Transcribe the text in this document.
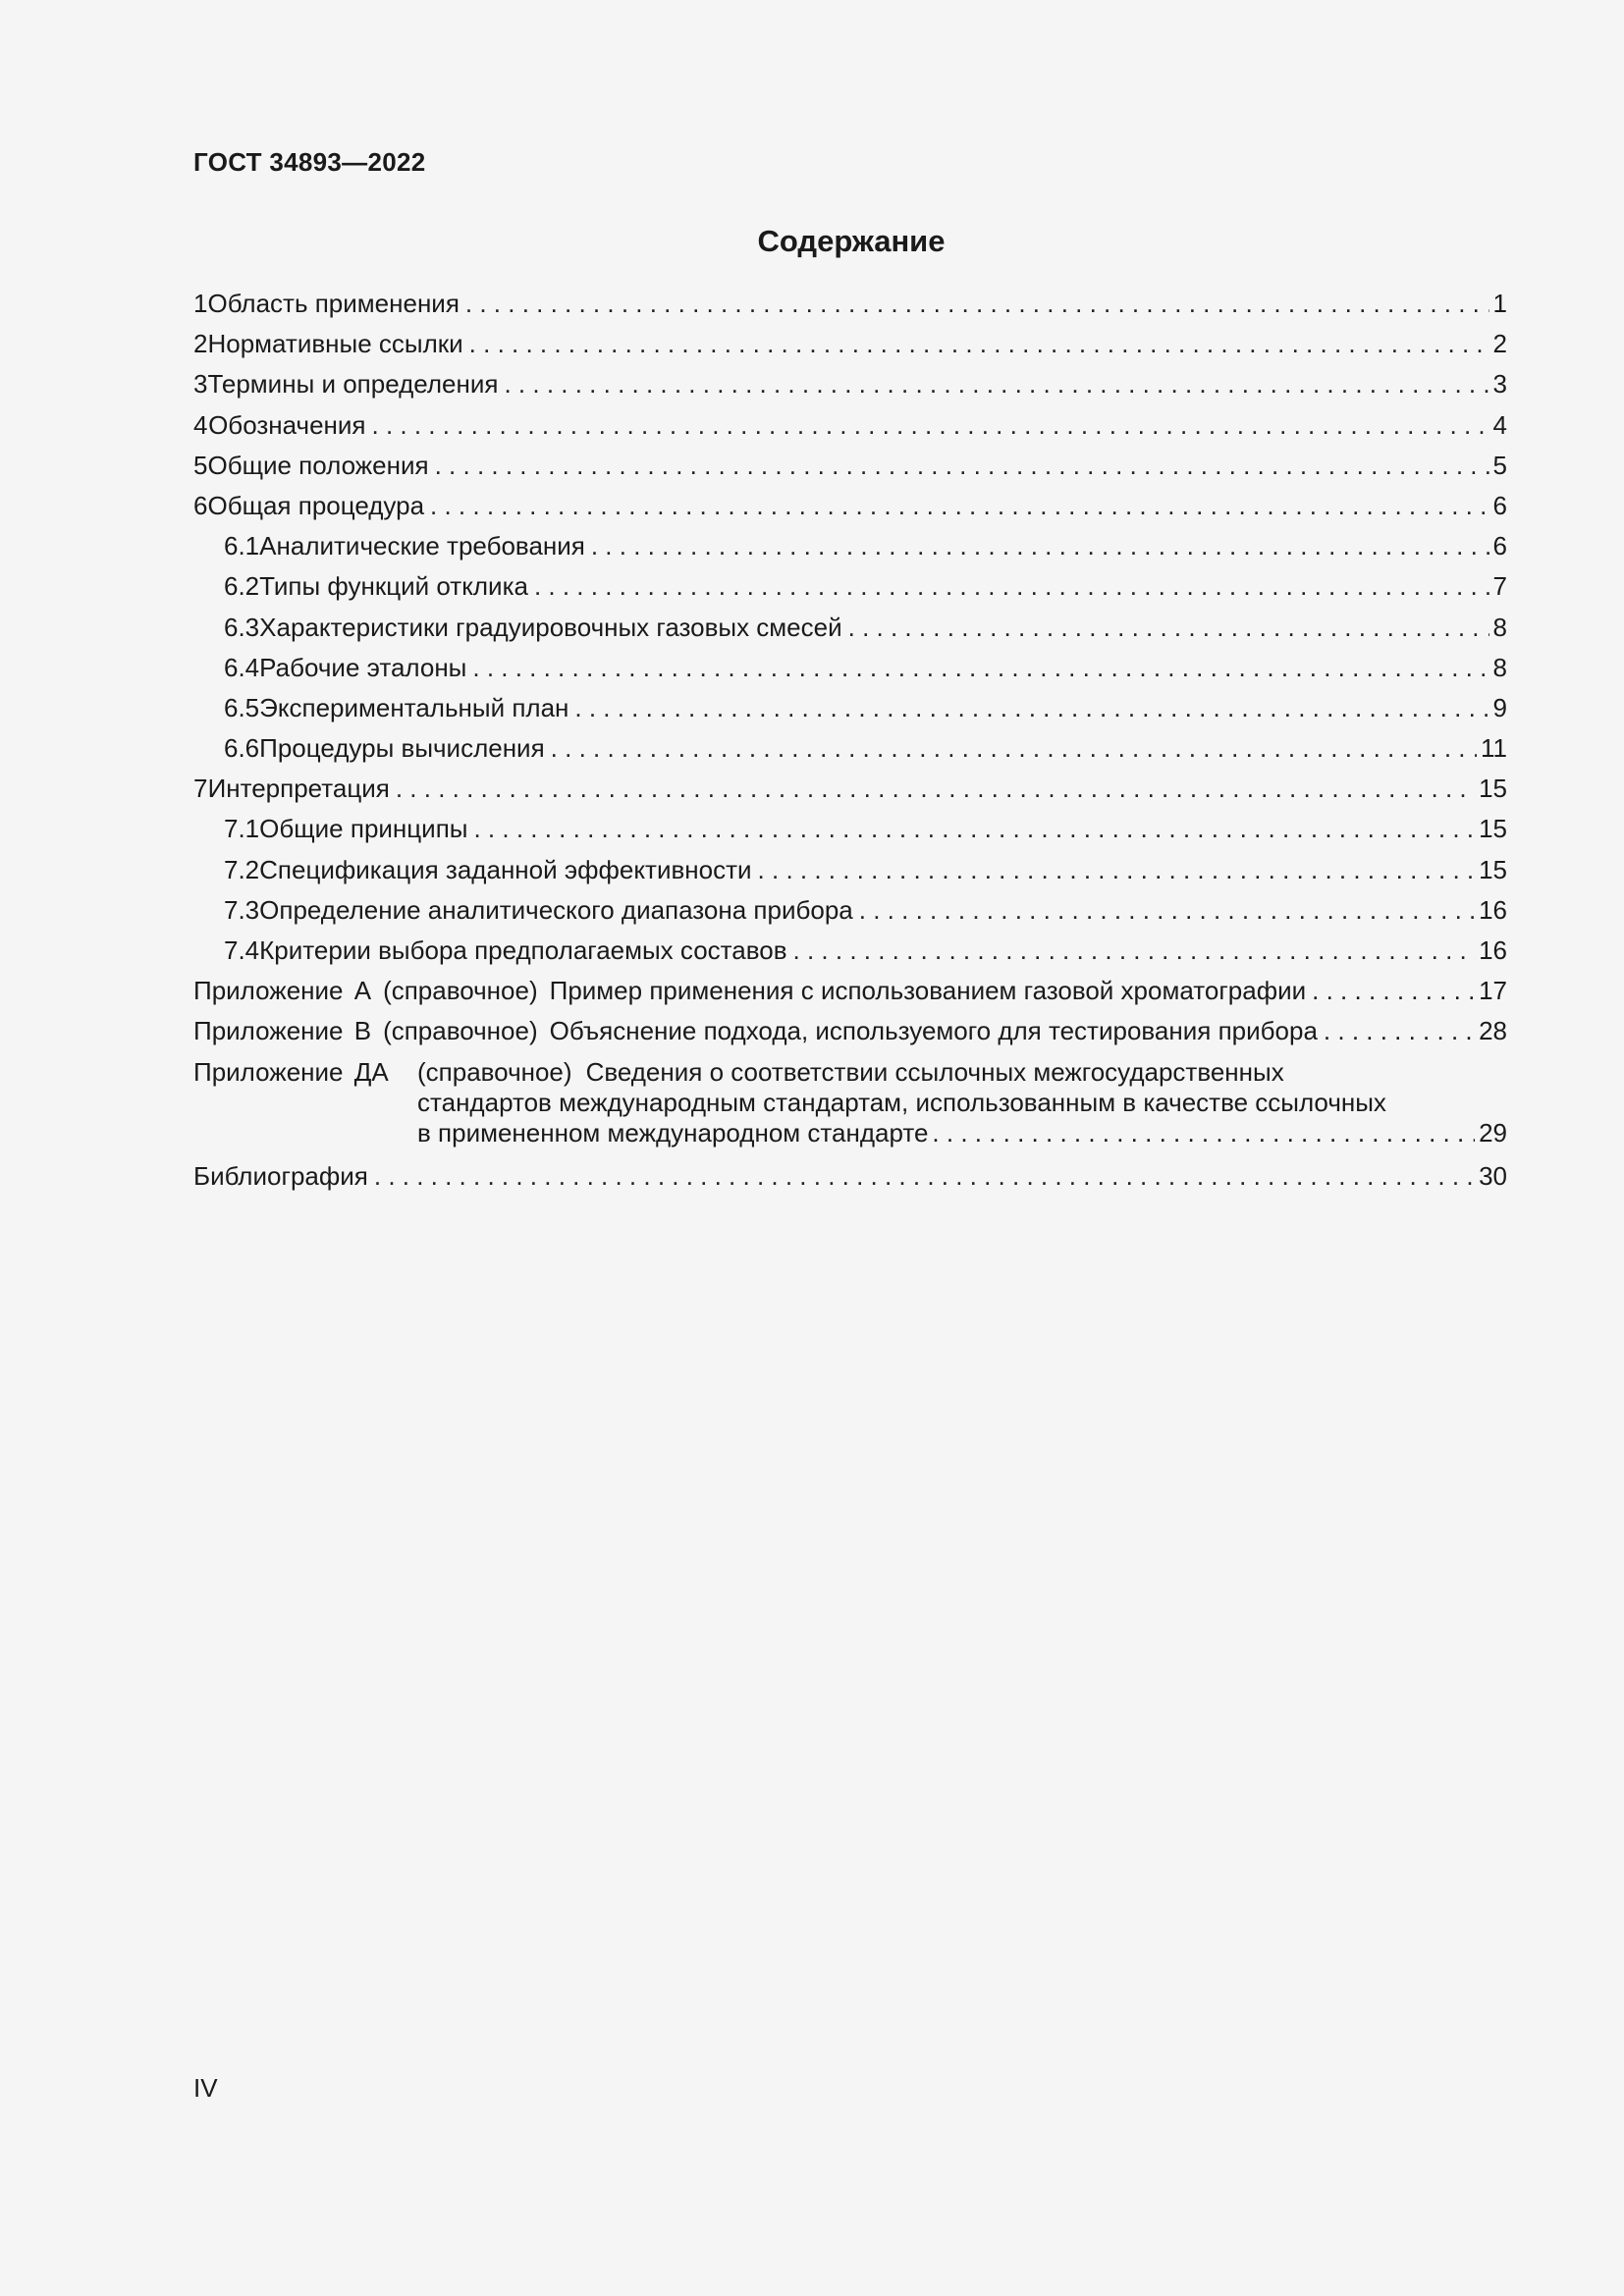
ГОСТ 34893—2022
Содержание
1 Область применения . . .	1
2 Нормативные ссылки . . .	2
3 Термины и определения . . .	3
4 Обозначения . . .	4
5 Общие положения . . .	5
6 Общая процедура . . .	6
6.1 Аналитические требования . . .	6
6.2 Типы функций отклика . . .	7
6.3 Характеристики градуировочных газовых смесей . . .	8
6.4 Рабочие эталоны . . .	8
6.5 Экспериментальный план . . .	9
6.6 Процедуры вычисления . . .	11
7 Интерпретация . . .	15
7.1 Общие принципы . . .	15
7.2 Спецификация заданной эффективности . . .	15
7.3 Определение аналитического диапазона прибора . . .	16
7.4 Критерии выбора предполагаемых составов . . .	16
Приложение А (справочное) Пример применения с использованием газовой хроматографии . . .	17
Приложение В (справочное) Объяснение подхода, используемого для тестирования прибора . . .	28
Приложение ДА	(справочное) Сведения о соответствии ссылочных межгосударственных
стандартов международным стандартам, использованным в качестве ссылочных
в примененном международном стандарте . . .	29
Библиография . . .	30
IV
